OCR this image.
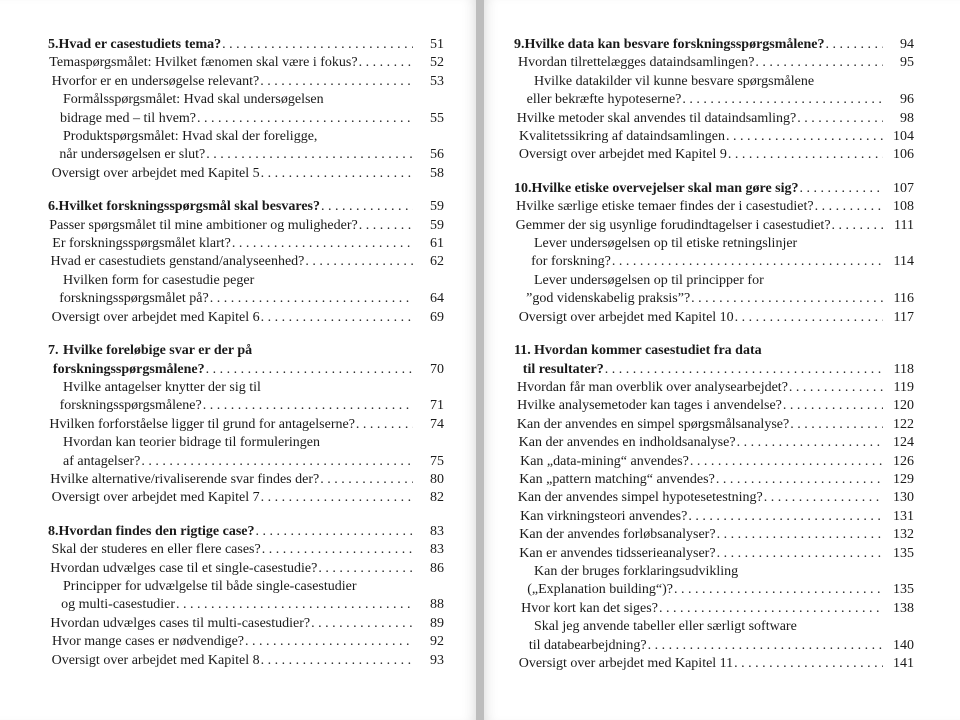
5. Hvad er casestudiets tema? . . .	51
Temaspørgsmålet: Hvilket fænomen skal være i fokus? . . .	52
Hvorfor er en undersøgelse relevant? . . .	53
Formålsspørgsmålet: Hvad skal undersøgelsen
bidrage med – til hvem? . . .	55
Produktspørgsmålet: Hvad skal der foreligge,
når undersøgelsen er slut? . . .	56
Oversigt over arbejdet med Kapitel 5 . . .	58
6. Hvilket forskningsspørgsmål skal besvares? . . .	59
Passer spørgsmålet til mine ambitioner og muligheder? . . .	59
Er forskningsspørgsmålet klart? . . .	61
Hvad er casestudiets genstand/analyseenhed? . . .	62
Hvilken form for casestudie peger
forskningsspørgsmålet på? . . .	64
Oversigt over arbejdet med Kapitel 6 . . .	69
7. Hvilke foreløbige svar er der på
forskningsspørgsmålene? . . .	70
Hvilke antagelser knytter der sig til
forskningsspørgsmålene? . . .	71
Hvilken forforståelse ligger til grund for antagelserne? . . .	74
Hvordan kan teorier bidrage til formuleringen
af antagelser? . . .	75
Hvilke alternative/rivaliserende svar findes der? . . .	80
Oversigt over arbejdet med Kapitel 7 . . .	82
8. Hvordan findes den rigtige case? . . .	83
Skal der studeres en eller flere cases? . . .	83
Hvordan udvælges case til et single-casestudie? . . .	86
Principper for udvælgelse til både single-casestudier
og multi-casestudier . . .	88
Hvordan udvælges cases til multi-casestudier? . . .	89
Hvor mange cases er nødvendige? . . .	92
Oversigt over arbejdet med Kapitel 8 . . .	93
9. Hvilke data kan besvare forskningsspørgsmålene? . . .	94
Hvordan tilrettelægges dataindsamlingen? . . .	95
Hvilke datakilder vil kunne besvare spørgsmålene
eller bekræfte hypoteserne? . . .	96
Hvilke metoder skal anvendes til dataindsamling? . . .	98
Kvalitetssikring af dataindsamlingen . . .	104
Oversigt over arbejdet med Kapitel 9 . . .	106
10. Hvilke etiske overvejelser skal man gøre sig? . . .	107
Hvilke særlige etiske temaer findes der i casestudiet? . . .	108
Gemmer der sig usynlige forudindtagelser i casestudiet? . . .	111
Lever undersøgelsen op til etiske retningslinjer
for forskning? . . .	114
Lever undersøgelsen op til principper for
”god videnskabelig praksis”? . . .	116
Oversigt over arbejdet med Kapitel 10 . . .	117
11. Hvordan kommer casestudiet fra data
til resultater? . . .	118
Hvordan får man overblik over analysearbejdet? . . .	119
Hvilke analysemetoder kan tages i anvendelse? . . .	120
Kan der anvendes en simpel spørgsmålsanalyse? . . .	122
Kan der anvendes en indholdsanalyse? . . .	124
Kan „data-mining“ anvendes? . . .	126
Kan „pattern matching“ anvendes? . . .	129
Kan der anvendes simpel hypotesetestning? . . .	130
Kan virkningsteori anvendes? . . .	131
Kan der anvendes forløbsanalyser? . . .	132
Kan er anvendes tidsserieanalyser? . . .	135
Kan der bruges forklaringsudvikling
(„Explanation building“)? . . .	135
Hvor kort kan det siges? . . .	138
Skal jeg anvende tabeller eller særligt software
til databearbejdning? . . .	140
Oversigt over arbejdet med Kapitel 11 . . .	141
